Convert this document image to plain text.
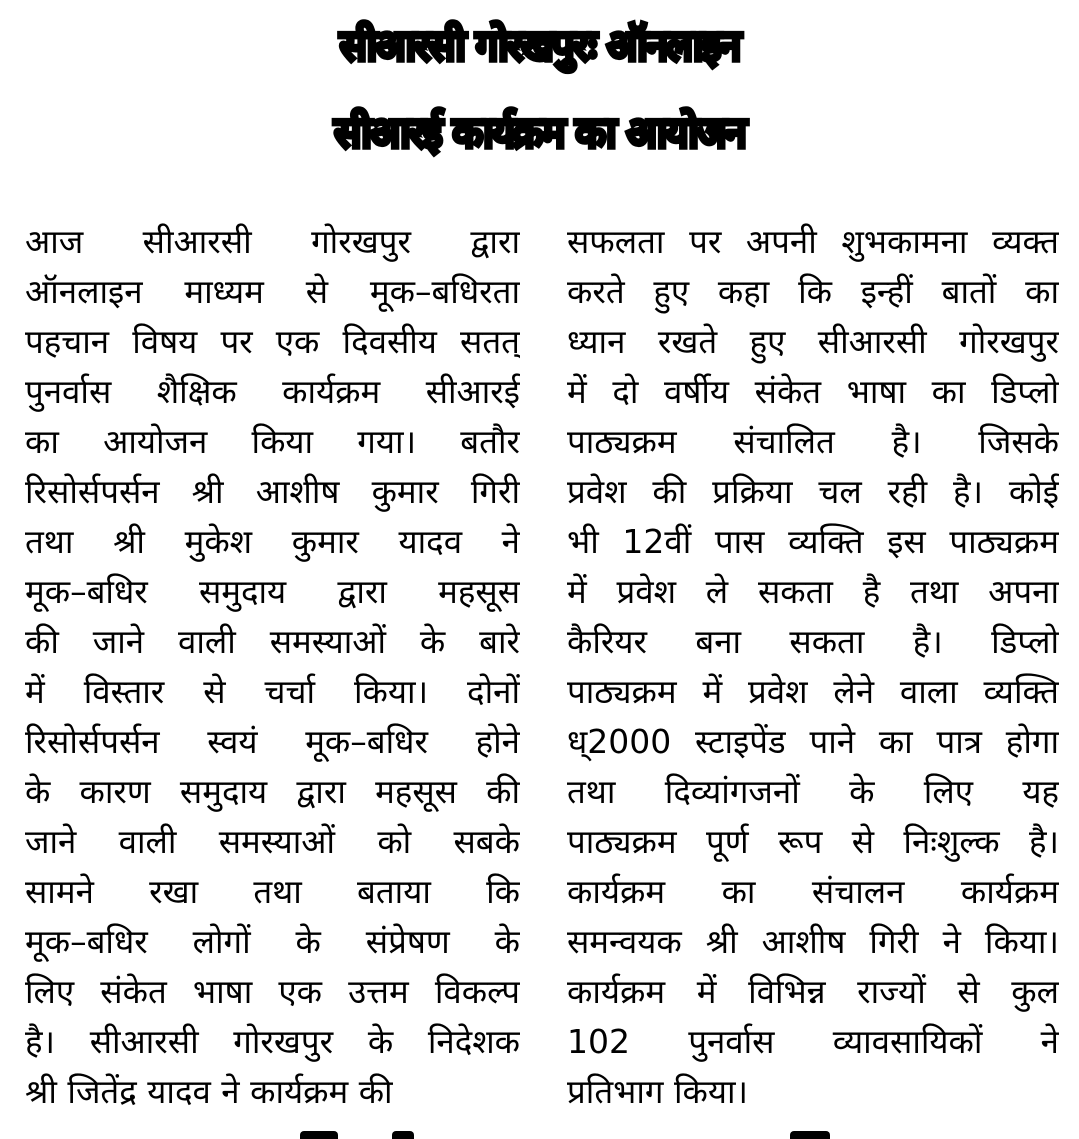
सीआरसी गोरखपुरः ऑनलाइन
सीआरई कार्यक्रम का आयोजन
आज सीआरसी गोरखपुर द्वारा
ऑनलाइन माध्यम से मूक–बधिरता
पहचान विषय पर एक दिवसीय सतत्
पुनर्वास शैक्षिक कार्यक्रम सीआरई
का आयोजन किया गया। बतौर
रिसोर्सपर्सन श्री आशीष कुमार गिरी
तथा श्री मुकेश कुमार यादव ने
मूक–बधिर समुदाय द्वारा महसूस
की जाने वाली समस्याओं के बारे
में विस्तार से चर्चा किया। दोनों
रिसोर्सपर्सन स्वयं मूक–बधिर होने
के कारण समुदाय द्वारा महसूस की
जाने वाली समस्याओं को सबके
सामने रखा तथा बताया कि
मूक–बधिर लोगों के संप्रेषण के
लिए संकेत भाषा एक उत्तम विकल्प
है। सीआरसी गोरखपुर के निदेशक
श्री जितेंद्र यादव ने कार्यक्रम की
सफलता पर अपनी शुभकामना व्यक्त
करते हुए कहा कि इन्हीं बातों का
ध्यान रखते हुए सीआरसी गोरखपुर
में दो वर्षीय संकेत भाषा का डिप्लो
पाठ्यक्रम संचालित है। जिसके
प्रवेश की प्रक्रिया चल रही है। कोई
भी 12वीं पास व्यक्ति इस पाठ्यक्रम
में प्रवेश ले सकता है तथा अपना
कैरियर बना सकता है। डिप्लो
पाठ्यक्रम में प्रवेश लेने वाला व्यक्ति
ध्2000 स्टाइपेंड पाने का पात्र होगा
तथा दिव्यांगजनों के लिए यह
पाठ्यक्रम पूर्ण रूप से निःशुल्क है।
कार्यक्रम का संचालन कार्यक्रम
समन्वयक श्री आशीष गिरी ने किया।
कार्यक्रम में विभिन्न राज्यों से कुल
102 पुनर्वास व्यावसायिकों ने
प्रतिभाग किया।
